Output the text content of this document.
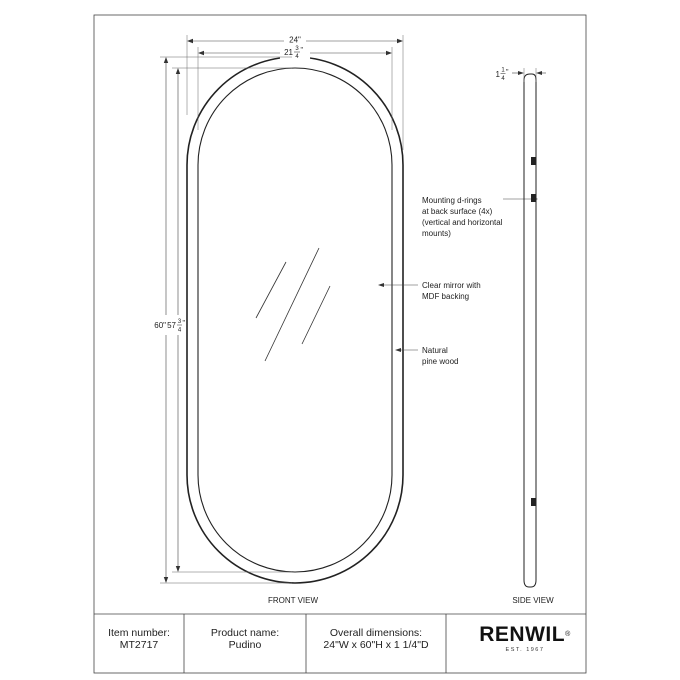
24"
21 3
4
"
60" 57 3
4
"
1 1
4
"
Mounting d-rings
at back surface (4x)
(vertical and horizontal
mounts)
Clear mirror with
MDF backing
Natural
pine wood
FRONT VIEW	SIDE VIEW
Item number:
MT2717
Product name:
Pudino
Overall dimensions:
24"W x 60"H x 1 1/4"D	RENWIL®
EST. 1967
